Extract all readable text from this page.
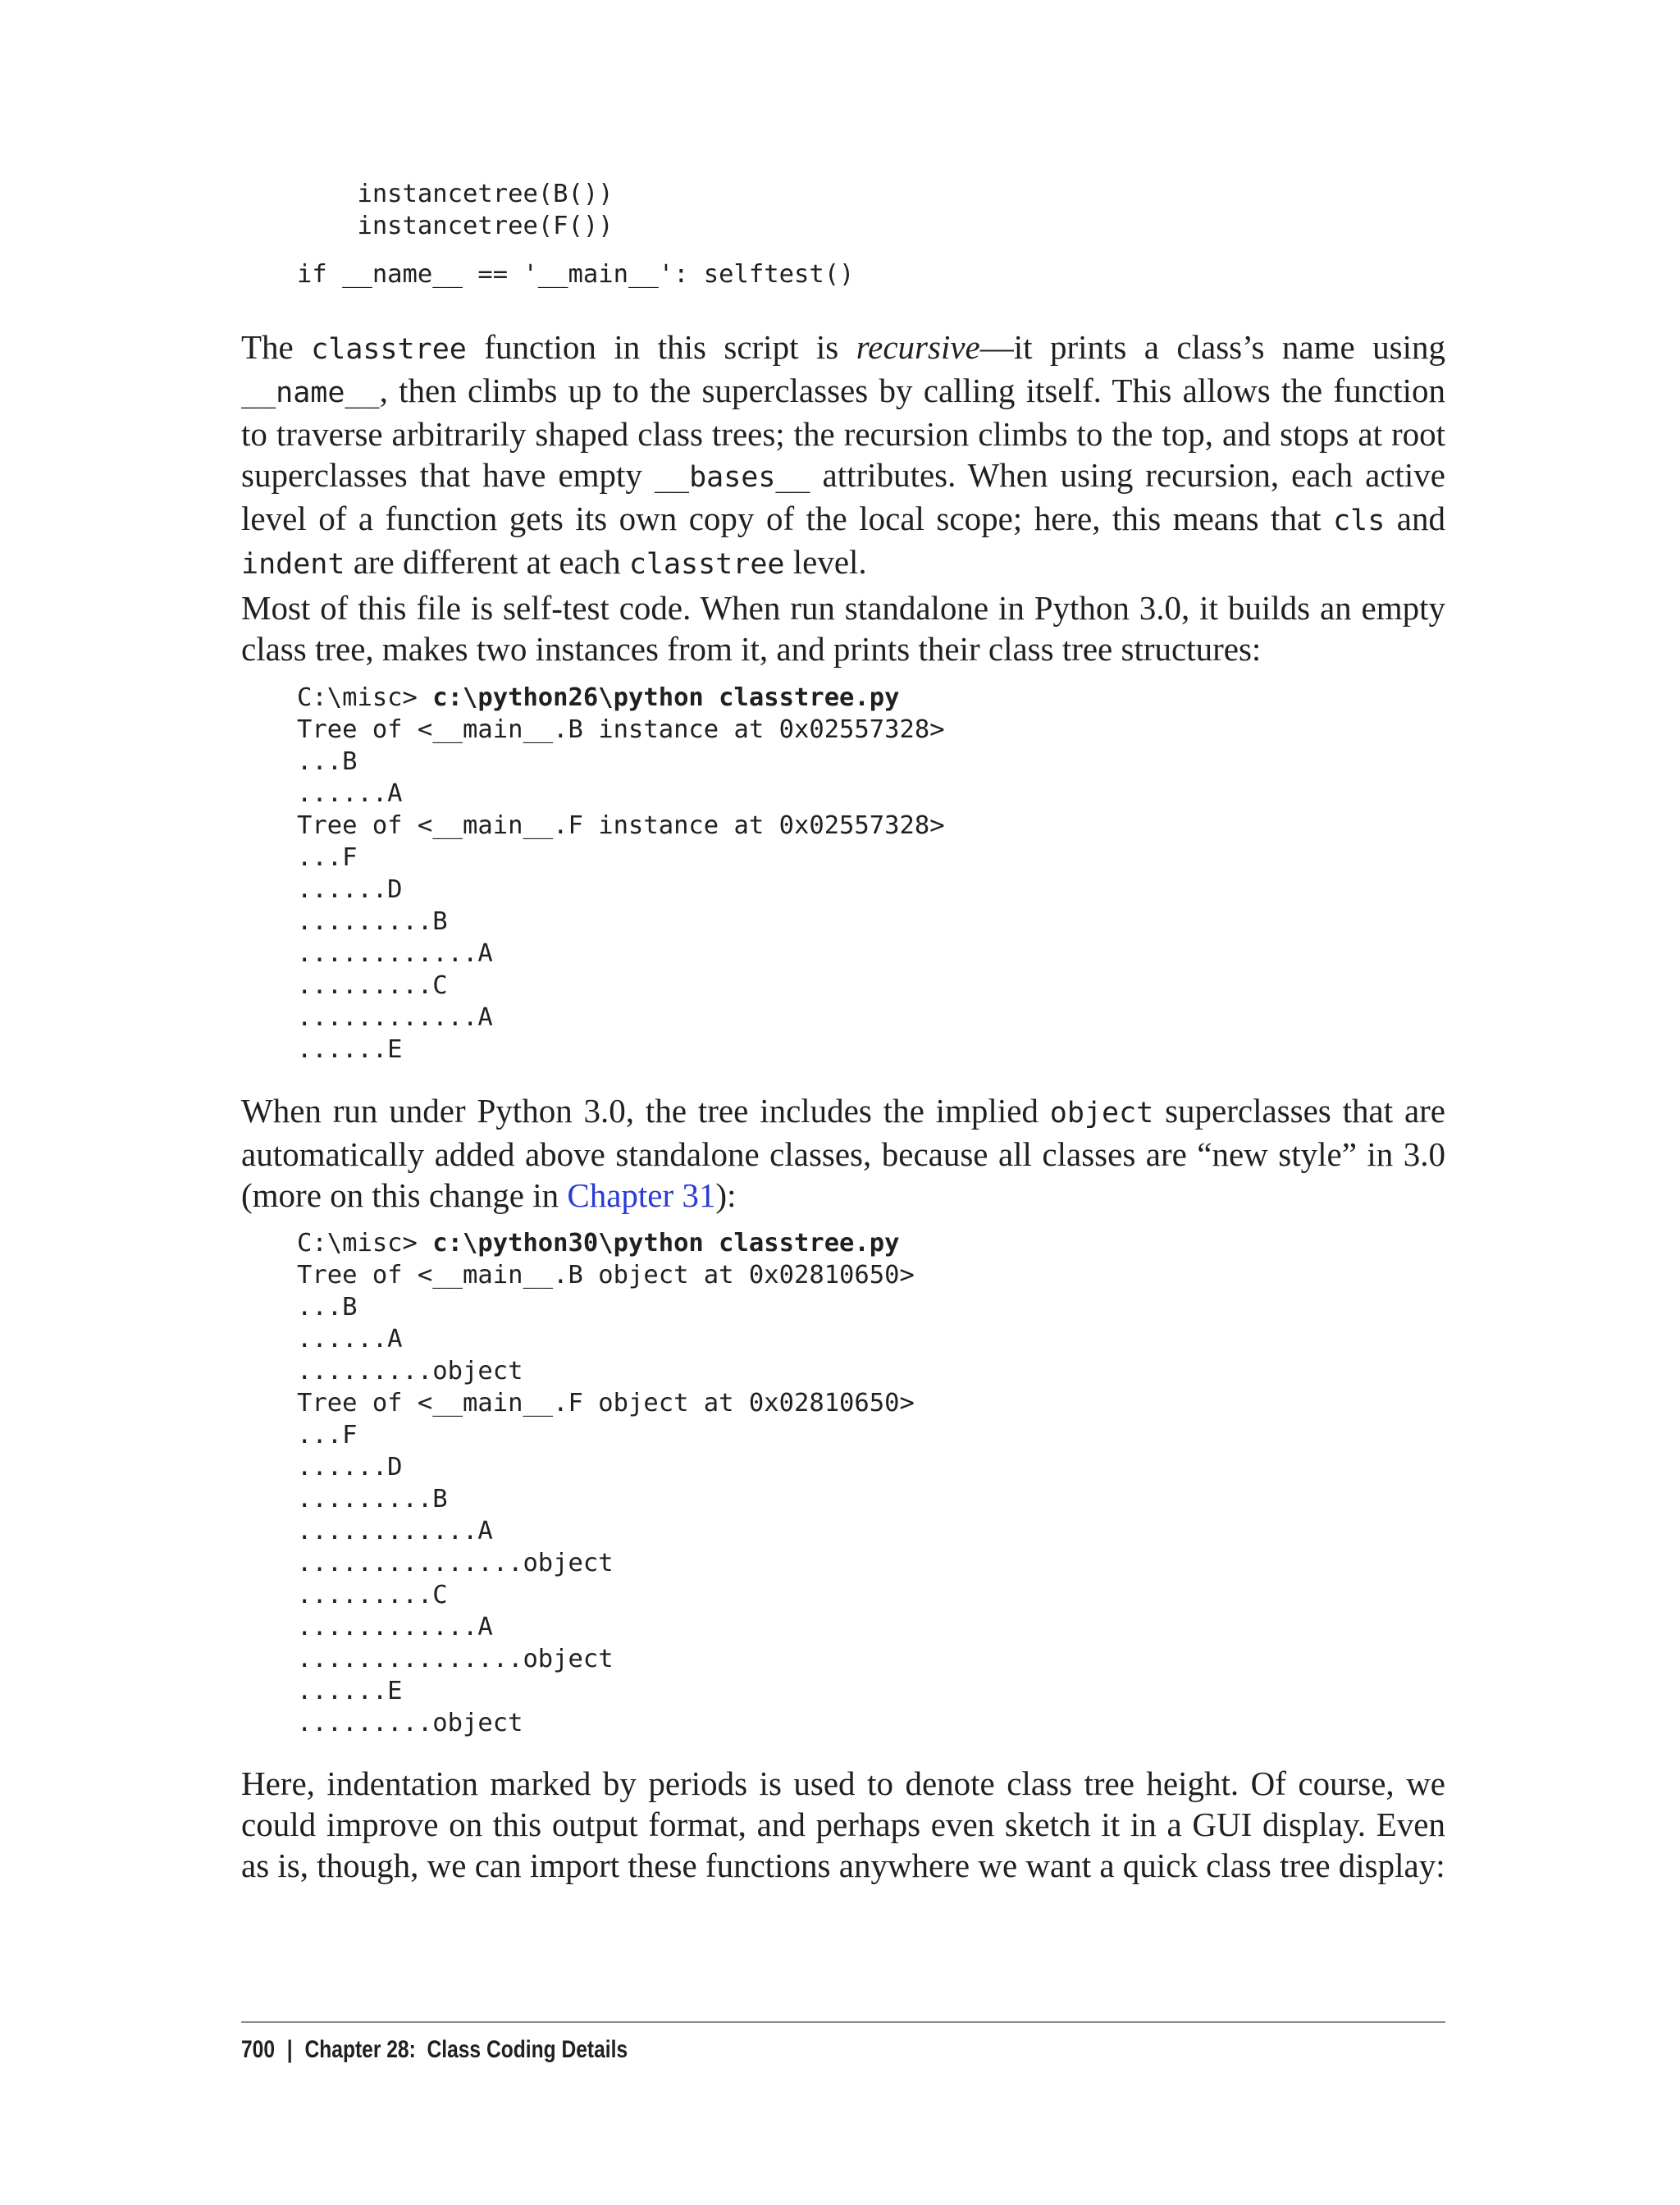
instancetree(B())
instancetree(F())
if __name__ == '__main__': selftest()

The classtree function in this script is recursive—it prints a class’s name using __name__, then climbs up to the superclasses by calling itself. This allows the function to traverse arbitrarily shaped class trees; the recursion climbs to the top, and stops at root superclasses that have empty __bases__ attributes. When using recursion, each active level of a function gets its own copy of the local scope; here, this means that cls and indent are different at each classtree level.

Most of this file is self-test code. When run standalone in Python 3.0, it builds an empty class tree, makes two instances from it, and prints their class tree structures:

C:\misc> c:\python26\python classtree.py
Tree of <__main__.B instance at 0x02557328>
...B
......A
Tree of <__main__.F instance at 0x02557328>
...F
......D
.........B
............A
.........C
............A
......E

When run under Python 3.0, the tree includes the implied object superclasses that are automatically added above standalone classes, because all classes are “new style” in 3.0 (more on this change in Chapter 31):

C:\misc> c:\python30\python classtree.py
Tree of <__main__.B object at 0x02810650>
...B
......A
.........object
Tree of <__main__.F object at 0x02810650>
...F
......D
.........B
............A
...............object
.........C
............A
...............object
......E
.........object

Here, indentation marked by periods is used to denote class tree height. Of course, we could improve on this output format, and perhaps even sketch it in a GUI display. Even as is, though, we can import these functions anywhere we want a quick class tree display:

700 | Chapter 28:  Class Coding Details
